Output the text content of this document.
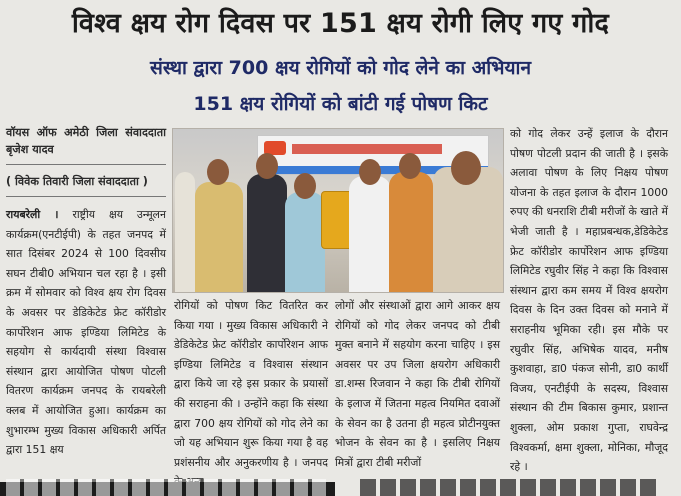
विश्व क्षय रोग दिवस पर 151 क्षय रोगी लिए गए गोद
संस्था द्वारा 700 क्षय रोगियों को गोद लेने का अभियान
151 क्षय रोगियों को बांटी गई पोषण किट

वॉयस ऑफ अमेठी जिला संवाददाता बृजेश यादव

( विवेक तिवारी जिला संवाददाता )

रायबरेली । राष्ट्रीय क्षय उन्मूलन कार्यक्रम(एनटीईपी) के तहत जनपद में सात दिसंबर 2024 से 100 दिवसीय सघन टीबी0 अभियान चल रहा है । इसी क्रम में सोमवार को विश्व क्षय रोग दिवस के अवसर पर डेडिकेटेड फ्रेट कॉरीडोर कार्पोरेशन आफ इण्डिया लिमिटेड के सहयोग से कार्यदायी संस्था विश्वास संस्थान द्वारा आयोजित पोषण पोटली वितरण कार्यक्रम जनपद के रायबरेली क्लब में आयोजित हुआ। कार्यक्रम का शुभारम्भ मुख्य विकास अधिकारी अर्पित द्वारा 151 क्षय

रोगियों को पोषण किट वितरित कर किया गया । मुख्य विकास अधिकारी ने डेडिकेटेड फ्रेट कॉरीडोर कार्पोरेशन आफ इण्डिया लिमिटेड व विश्वास संस्थान द्वारा किये जा रहे इस प्रकार के प्रयासों की सराहना की । उन्होंने कहा कि संस्था द्वारा 700 क्षय रोगियों को गोद लेने का जो यह अभियान शुरू किया गया है वह प्रशंसनीय और अनुकरणीय है । जनपद

लोगों और संस्थाओं द्वारा आगे आकर क्षय रोगियों को गोद लेकर जनपद को टीबी मुक्त बनाने में सहयोग करना चाहिए । इस अवसर पर उप जिला क्षयरोग अधिकारी डा.शम्स रिजवान ने कहा कि टीबी रोगियों के इलाज में जितना महत्व नियमित दवाओं के सेवन का है उतना ही महत्व प्रोटीनयुक्त भोजन के सेवन का है । इसलिए निक्षय मित्रों द्वारा टीबी मरीजों

को गोद लेकर उन्हें इलाज के दौरान पोषण पोटली प्रदान की जाती है । इसके अलावा पोषण के लिए निक्षय पोषण योजना के तहत इलाज के दौरान 1000 रुपए की धनराशि टीबी मरीजों के खाते में भेजी जाती है । महाप्रबन्धक,डेडिकेटेड फ्रेट कॉरीडोर कार्पोरेशन आफ इण्डिया लिमिटेड रघुवीर सिंह ने कहा कि विश्वास संस्थान द्वारा कम समय में विश्व क्षयरोग दिवस के दिन उक्त दिवस को मनाने में सराहनीय भूमिका रही। इस मौके पर रघुवीर सिंह, अभिषेक यादव, मनीष कुशवाहा, डा0 पंकज सोनी, डा0 कार्थी विजय, एनटीईपी के सदस्य, विश्वास संस्थान की टीम बिकास कुमार, प्रशान्त शुक्ला, ओम प्रकाश गुप्ता, राघवेन्द्र विश्वकर्मा, क्षमा शुक्ला, मोनिका, मौजूद रहे ।
